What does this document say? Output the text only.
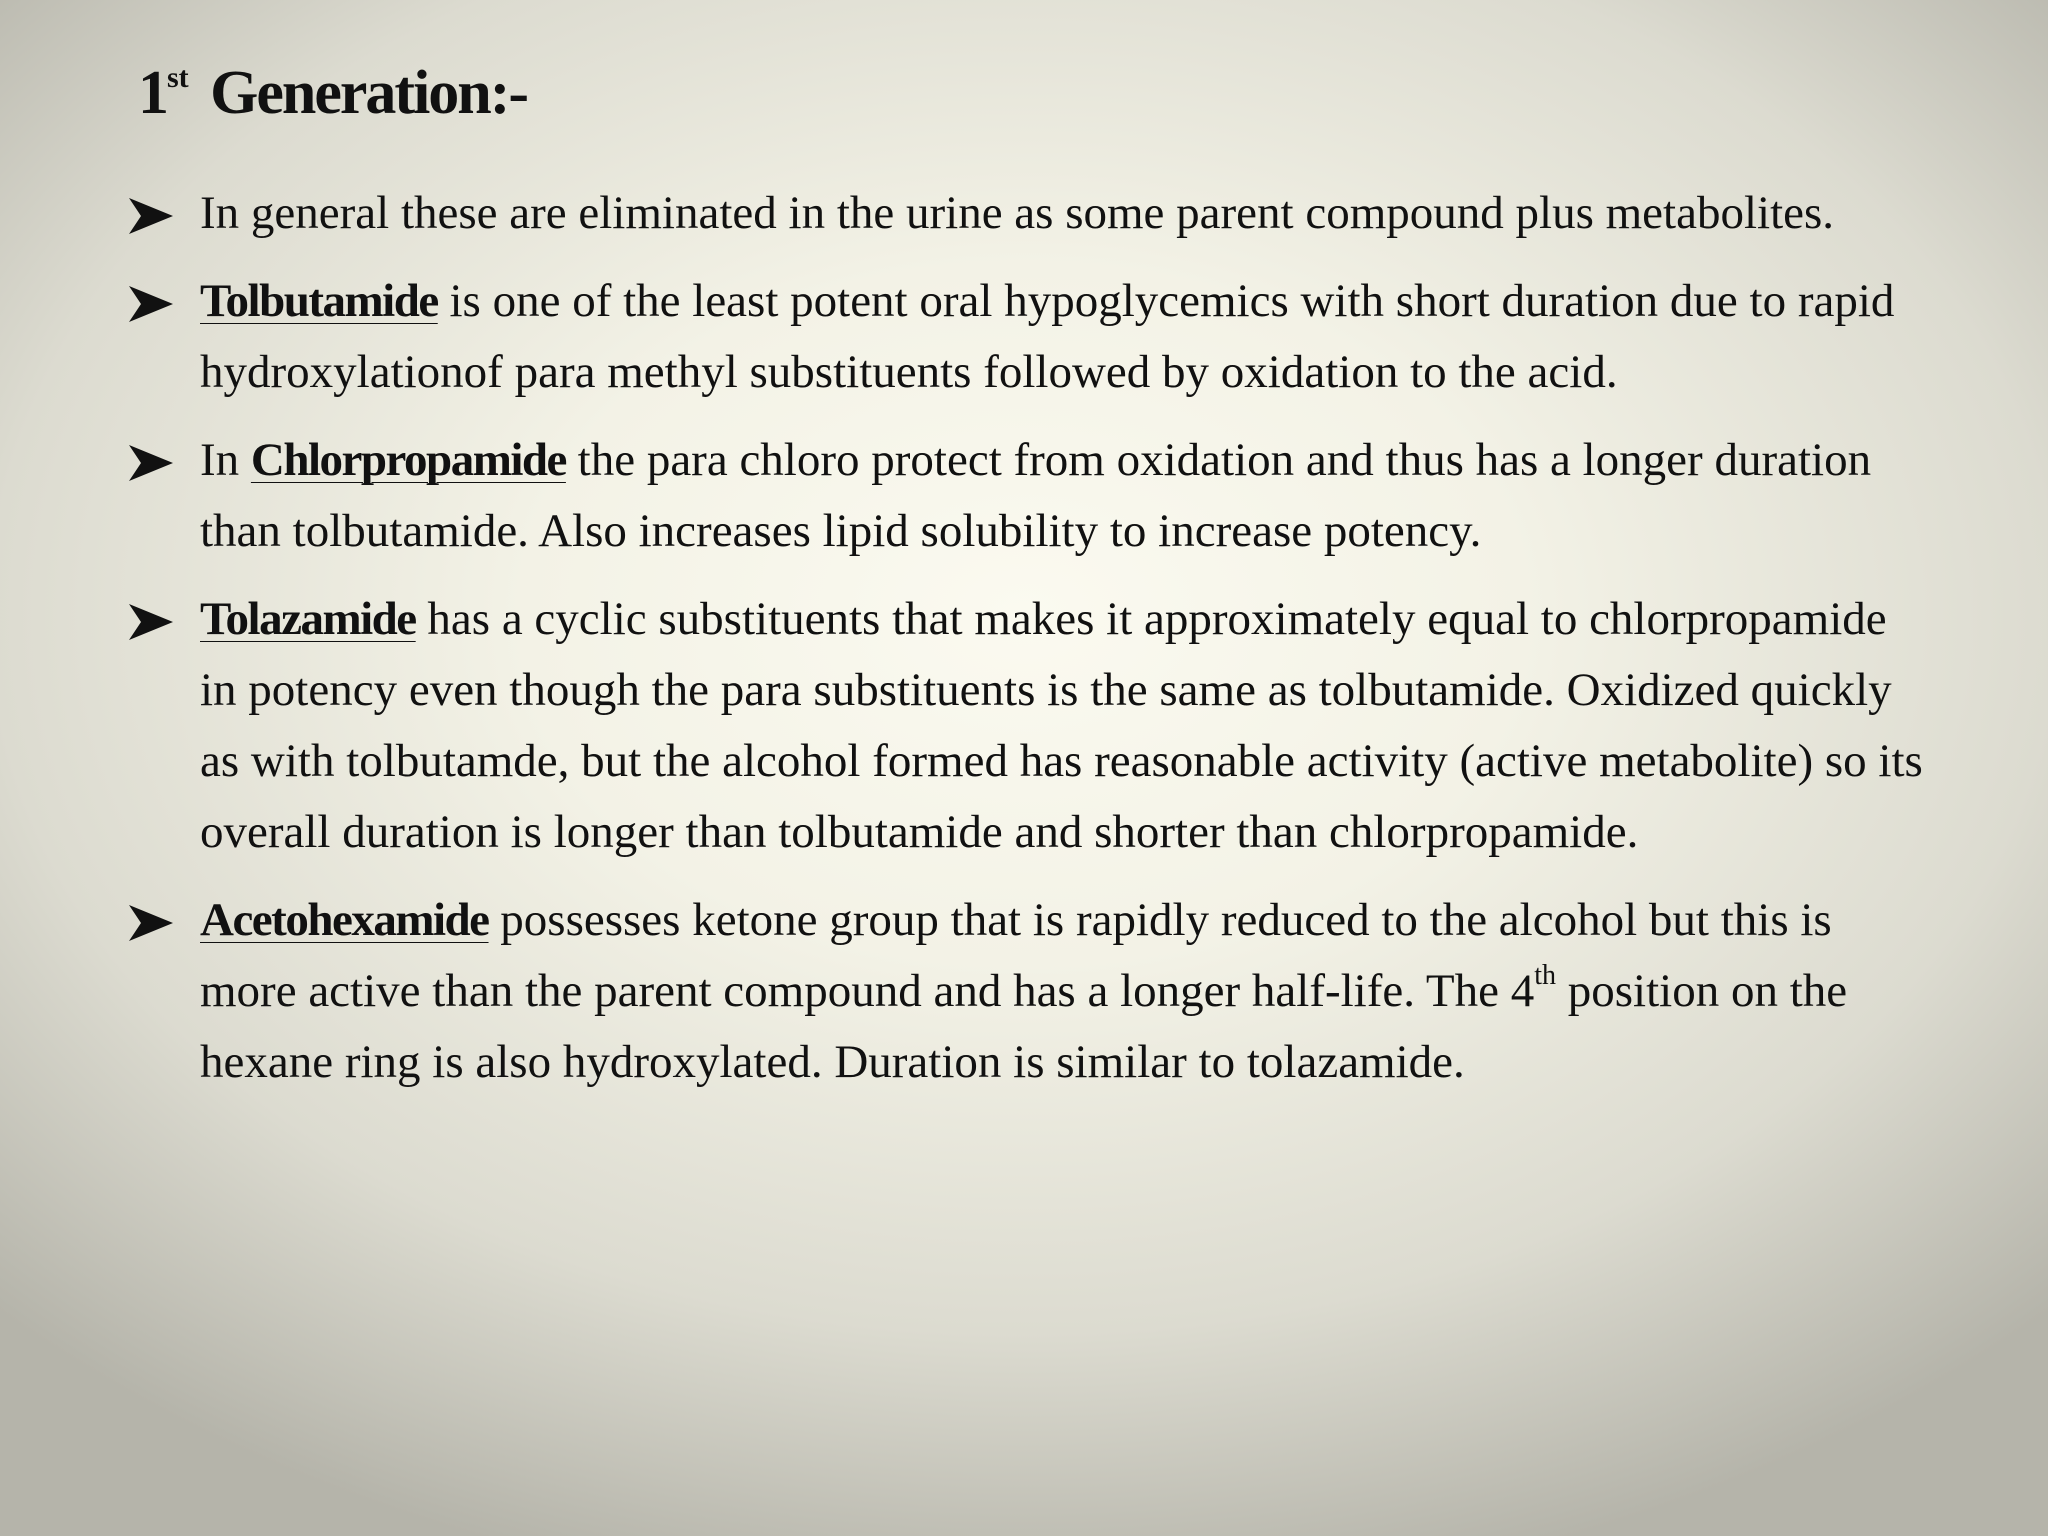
1st Generation:-
In general these are eliminated in the urine as some parent compound plus metabolites.
Tolbutamide is one of the least potent oral hypoglycemics with short duration due to rapid hydroxylationof para methyl substituents followed by oxidation to the acid.
In Chlorpropamide the para chloro protect from oxidation and thus has a longer duration than tolbutamide. Also increases lipid solubility to increase potency.
Tolazamide has a cyclic substituents that makes it approximately equal to chlorpropamide in potency even though the para substituents is the same as tolbutamide. Oxidized quickly as with tolbutamde, but the alcohol formed has reasonable activity (active metabolite) so its overall duration is longer than tolbutamide and shorter than chlorpropamide.
Acetohexamide possesses ketone group that is rapidly reduced to the alcohol but this is more active than the parent compound and has a longer half-life. The 4th position on the hexane ring is also hydroxylated. Duration is similar to tolazamide.
